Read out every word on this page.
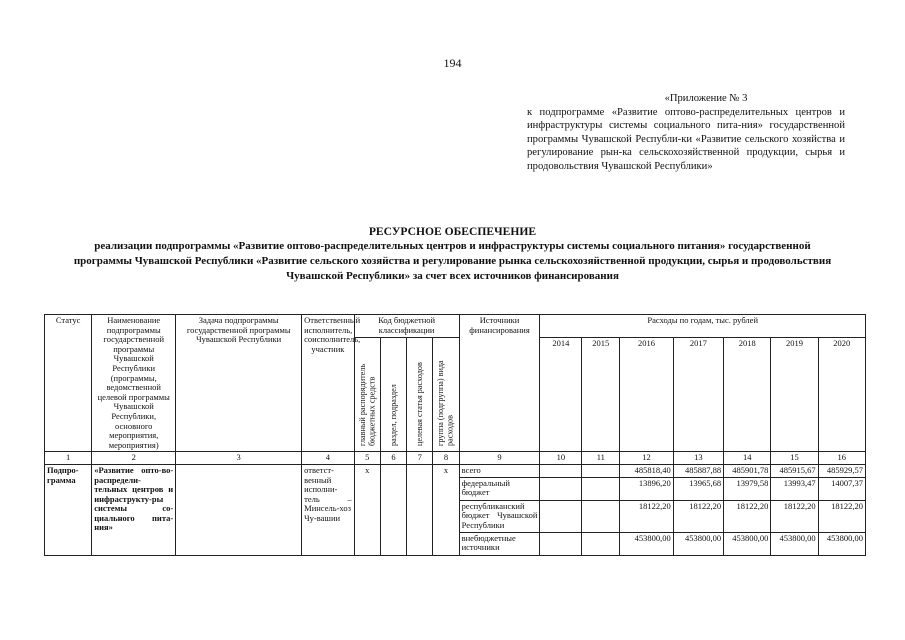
194
«Приложение № 3
к подпрограмме «Развитие оптово-распределительных центров и инфраструктуры системы социального пита-ния» государственной программы Чувашской Республи-ки «Развитие сельского хозяйства и регулирование рын-ка сельскохозяйственной продукции, сырья и продовольствия Чувашской Республики»
РЕСУРСНОЕ ОБЕСПЕЧЕНИЕ
реализации подпрограммы «Развитие оптово-распределительных центров и инфраструктуры системы социального питания» государственной программы Чувашской Республики «Развитие сельского хозяйства и регулирование рынка сельскохозяйственной продукции, сырья и продовольствия Чувашской Республики» за счет всех источников финансирования
Статус	Наименование подпрограммы государственной программы Чувашской Республики (программы, ведомственной целевой программы Чувашской Республики, основного мероприятия, мероприятия)	Задача подпрограммы государственной программы Чувашской Республики	Ответственный исполнитель, соисполнитель, участник	Код бюджетной классификации				Источники финансирования	Расходы по годам, тыс. рублей						
				главный распорядитель бюджетных средств	раздел, подраздел	целевая статья расходов	группа (подгруппа) вида расходов		2014	2015	2016	2017	2018	2019	2020
1	2	3	4	5	6	7	8	9	10	11	12	13	14	15	16
Подпро-грамма	«Развитие опто-во-распредели-тельных центров и инфраструкту-ры системы со-циального пита-ния»		ответст-венный исполни-тель – Минсель-хоз Чу-вашии	x			x	всего			485818,40	485887,88	485901,78	485915,67	485929,57
								федеральный бюджет			13896,20	13965,68	13979,58	13993,47	14007,37
								республиканский бюджет Чувашской Республики			18122,20	18122,20	18122,20	18122,20	18122,20
								внебюджетные источники			453800,00	453800,00	453800,00	453800,00	453800,00
